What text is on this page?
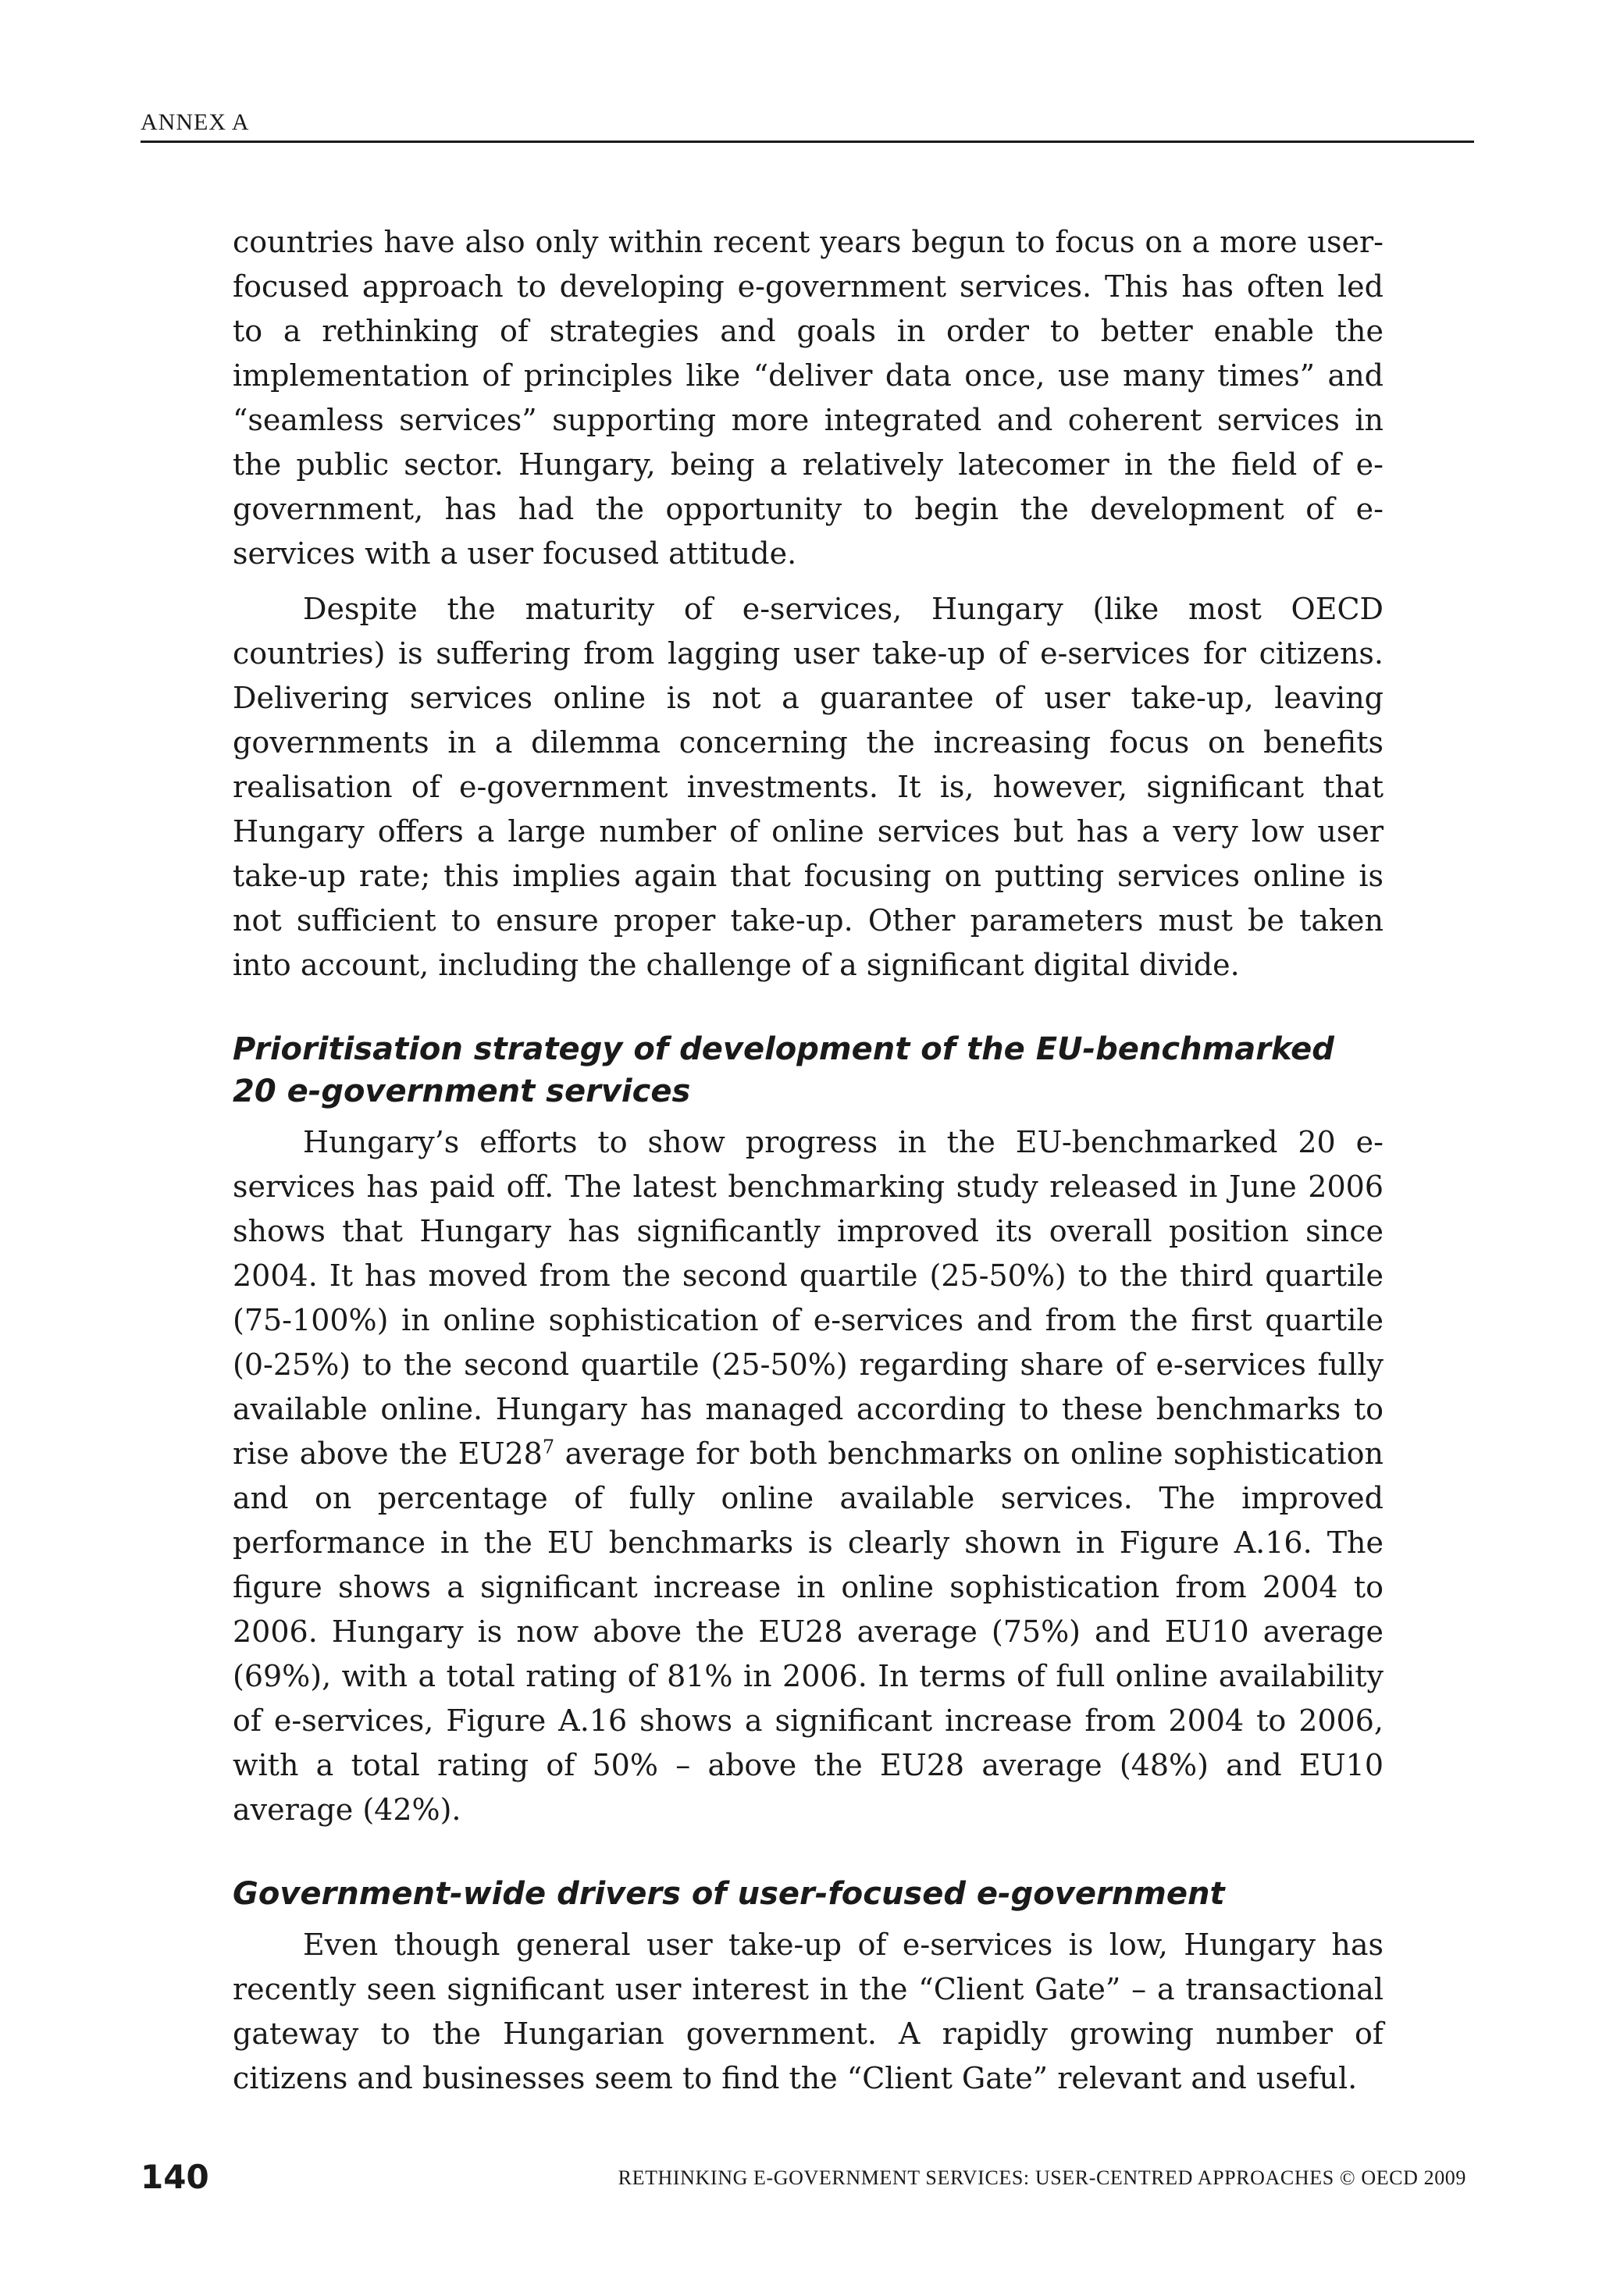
ANNEX A

countries have also only within recent years begun to focus on a more user-focused approach to developing e-government services. This has often led to a rethinking of strategies and goals in order to better enable the implementation of principles like “deliver data once, use many times” and “seamless services” supporting more integrated and coherent services in the public sector. Hungary, being a relatively latecomer in the field of e-government, has had the opportunity to begin the development of e-services with a user focused attitude.

Despite the maturity of e-services, Hungary (like most OECD countries) is suffering from lagging user take-up of e-services for citizens. Delivering services online is not a guarantee of user take-up, leaving governments in a dilemma concerning the increasing focus on benefits realisation of e-government investments. It is, however, significant that Hungary offers a large number of online services but has a very low user take-up rate; this implies again that focusing on putting services online is not sufficient to ensure proper take-up. Other parameters must be taken into account, including the challenge of a significant digital divide.

Prioritisation strategy of development of the EU-benchmarked
20 e-government services

Hungary’s efforts to show progress in the EU-benchmarked 20 e-services has paid off. The latest benchmarking study released in June 2006 shows that Hungary has significantly improved its overall position since 2004. It has moved from the second quartile (25-50%) to the third quartile (75-100%) in online sophistication of e-services and from the first quartile (0-25%) to the second quartile (25-50%) regarding share of e-services fully available online. Hungary has managed according to these benchmarks to rise above the $EU28^7$ average for both benchmarks on online sophistication and on percentage of fully online available services. The improved performance in the EU benchmarks is clearly shown in Figure A.16. The figure shows a significant increase in online sophistication from 2004 to 2006. Hungary is now above the EU28 average (75%) and EU10 average (69%), with a total rating of 81% in 2006. In terms of full online availability of e-services, Figure A.16 shows a significant increase from 2004 to 2006, with a total rating of 50% – above the EU28 average (48%) and EU10 average (42%).

Government-wide drivers of user-focused e-government

Even though general user take-up of e-services is low, Hungary has recently seen significant user interest in the “Client Gate” – a transactional gateway to the Hungarian government. A rapidly growing number of citizens and businesses seem to find the “Client Gate” relevant and useful.

140	RETHINKING E-GOVERNMENT SERVICES: USER-CENTRED APPROACHES © OECD 2009
